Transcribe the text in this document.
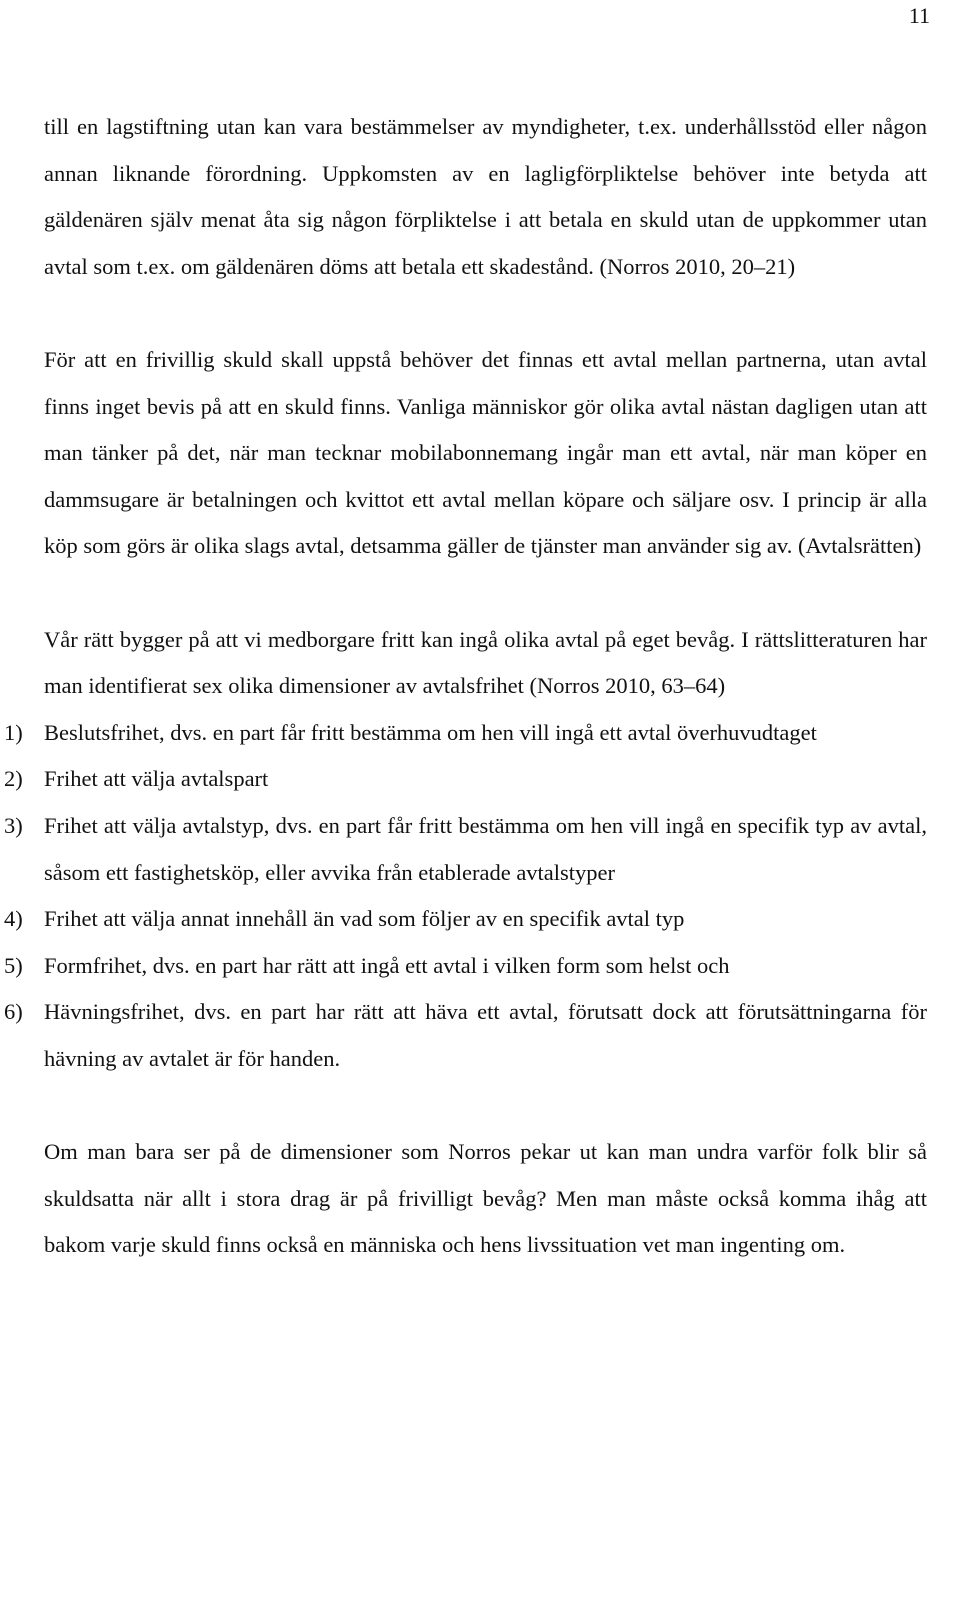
11

till en lagstiftning utan kan vara bestämmelser av myndigheter, t.ex. underhållsstöd eller någon annan liknande förordning. Uppkomsten av en lagligförpliktelse behöver inte betyda att gäldenären själv menat åta sig någon förpliktelse i att betala en skuld utan de uppkommer utan avtal som t.ex. om gäldenären döms att betala ett skadestånd. (Norros 2010, 20–21)

För att en frivillig skuld skall uppstå behöver det finnas ett avtal mellan partnerna, utan avtal finns inget bevis på att en skuld finns. Vanliga människor gör olika avtal nästan dagligen utan att man tänker på det, när man tecknar mobilabonnemang ingår man ett avtal, när man köper en dammsugare är betalningen och kvittot ett avtal mellan köpare och säljare osv. I princip är alla köp som görs är olika slags avtal, detsamma gäller de tjänster man använder sig av. (Avtalsrätten)

Vår rätt bygger på att vi medborgare fritt kan ingå olika avtal på eget bevåg. I rättslitteraturen har man identifierat sex olika dimensioner av avtalsfrihet (Norros 2010, 63–64)

1) Beslutsfrihet, dvs. en part får fritt bestämma om hen vill ingå ett avtal överhuvudtaget
2) Frihet att välja avtalspart
3) Frihet att välja avtalstyp, dvs. en part får fritt bestämma om hen vill ingå en specifik typ av avtal, såsom ett fastighetsköp, eller avvika från etablerade avtalstyper
4) Frihet att välja annat innehåll än vad som följer av en specifik avtal typ
5) Formfrihet, dvs. en part har rätt att ingå ett avtal i vilken form som helst och
6) Hävningsfrihet, dvs. en part har rätt att häva ett avtal, förutsatt dock att förutsättningarna för hävning av avtalet är för handen.

Om man bara ser på de dimensioner som Norros pekar ut kan man undra varför folk blir så skuldsatta när allt i stora drag är på frivilligt bevåg? Men man måste också komma ihåg att bakom varje skuld finns också en människa och hens livssituation vet man ingenting om.
